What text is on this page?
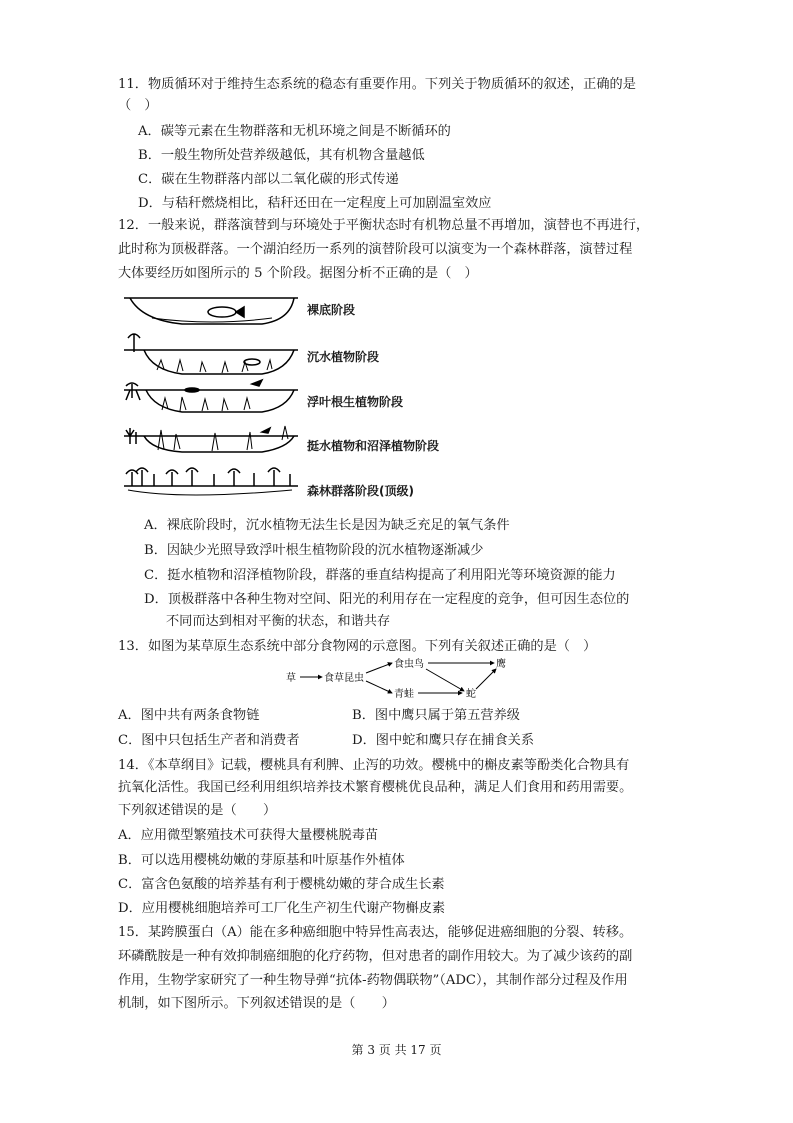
11．物质循环对于维持生态系统的稳态有重要作用。下列关于物质循环的叙述，正确的是
（　）
A．碳等元素在生物群落和无机环境之间是不断循环的
B．一般生物所处营养级越低，其有机物含量越低
C．碳在生物群落内部以二氧化碳的形式传递
D．与秸秆燃烧相比，秸秆还田在一定程度上可加剧温室效应
12．一般来说，群落演替到与环境处于平衡状态时有机物总量不再增加，演替也不再进行，
此时称为顶极群落。一个湖泊经历一系列的演替阶段可以演变为一个森林群落，演替过程
大体要经历如图所示的 5 个阶段。据图分析不正确的是（　）
裸底阶段
沉水植物阶段
浮叶根生植物阶段
挺水植物和沼泽植物阶段
森林群落阶段(顶级)
A．裸底阶段时，沉水植物无法生长是因为缺乏充足的氧气条件
B．因缺少光照导致浮叶根生植物阶段的沉水植物逐渐减少
C．挺水植物和沼泽植物阶段，群落的垂直结构提高了利用阳光等环境资源的能力
D．顶极群落中各种生物对空间、阳光的利用存在一定程度的竞争，但可因生态位的
不同而达到相对平衡的状态，和谐共存
13．如图为某草原生态系统中部分食物网的示意图。下列有关叙述正确的是（　）
草	食草昆虫
食虫鸟	鹰
青蛙	蛇
A．图中共有两条食物链	B．图中鹰只属于第五营养级
C．图中只包括生产者和消费者	D．图中蛇和鹰只存在捕食关系
14．《本草纲目》记载，樱桃具有利脾、止泻的功效。樱桃中的槲皮素等酚类化合物具有
抗氧化活性。我国已经利用组织培养技术繁育樱桃优良品种，满足人们食用和药用需要。
下列叙述错误的是（　　）
A．应用微型繁殖技术可获得大量樱桃脱毒苗
B．可以选用樱桃幼嫩的芽原基和叶原基作外植体
C．富含色氨酸的培养基有利于樱桃幼嫩的芽合成生长素
D．应用樱桃细胞培养可工厂化生产初生代谢产物槲皮素
15．某跨膜蛋白（A）能在多种癌细胞中特异性高表达，能够促进癌细胞的分裂、转移。
环磷酰胺是一种有效抑制癌细胞的化疗药物，但对患者的副作用较大。为了减少该药的副
作用，生物学家研究了一种生物导弹“抗体-药物偶联物”（ADC），其制作部分过程及作用
机制，如下图所示。下列叙述错误的是（　　）
第 3 页 共 17 页
